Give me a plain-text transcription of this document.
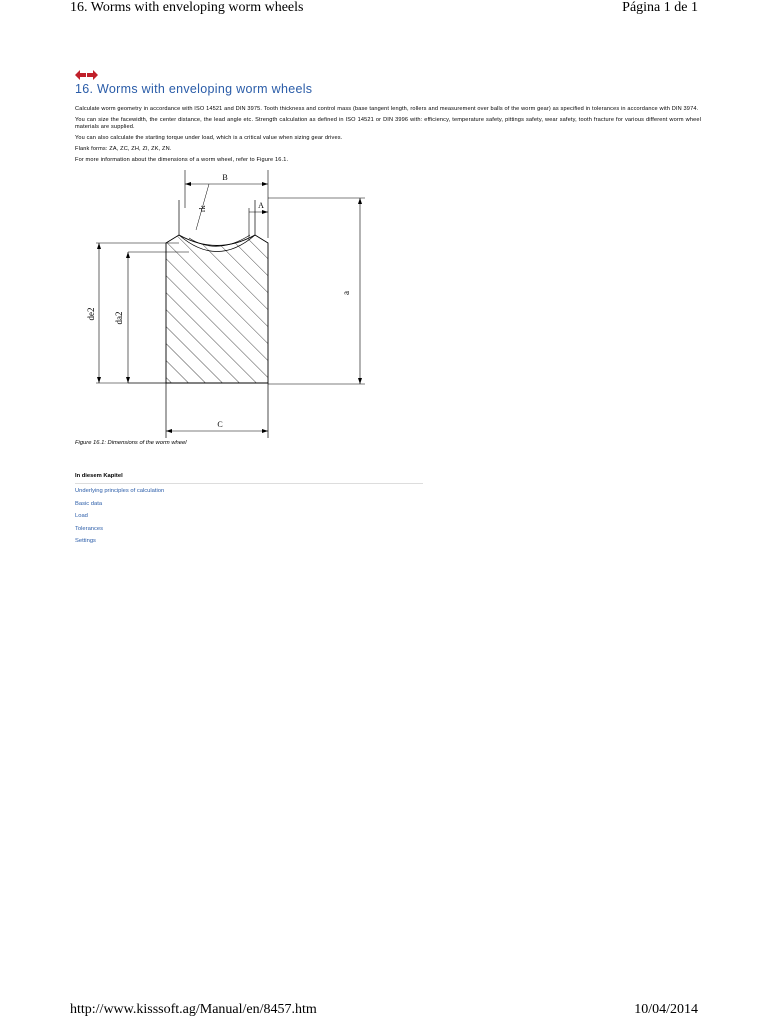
16. Worms with enveloping worm wheels	Página 1 de 1
16. Worms with enveloping worm wheels

Calculate worm geometry in accordance with ISO 14521 and DIN 3975. Tooth thickness and control mass (base tangent length, rollers and measurement over balls of the worm gear) as specified in tolerances in accordance with DIN 3974.

You can size the facewidth, the center distance, the lead angle etc. Strength calculation as defined in ISO 14521 or DIN 3996 with: efficiency, temperature safety, pittings safety, wear safety, tooth fracture for various different worm wheel materials are supplied.

You can also calculate the starting torque under load, which is a critical value when sizing gear drives.

Flank forms: ZA, ZC, ZH, ZI, ZK, ZN.

For more information about the dimensions of a worm wheel, refer to Figure 16.1.

B
A
rk
a
de2 da2
C

Figure 16.1: Dimensions of the worm wheel

In diesem Kapitel
Underlying principles of calculation
Basic data
Load
Tolerances
Settings
http://www.kisssoft.ag/Manual/en/8457.htm	10/04/2014
